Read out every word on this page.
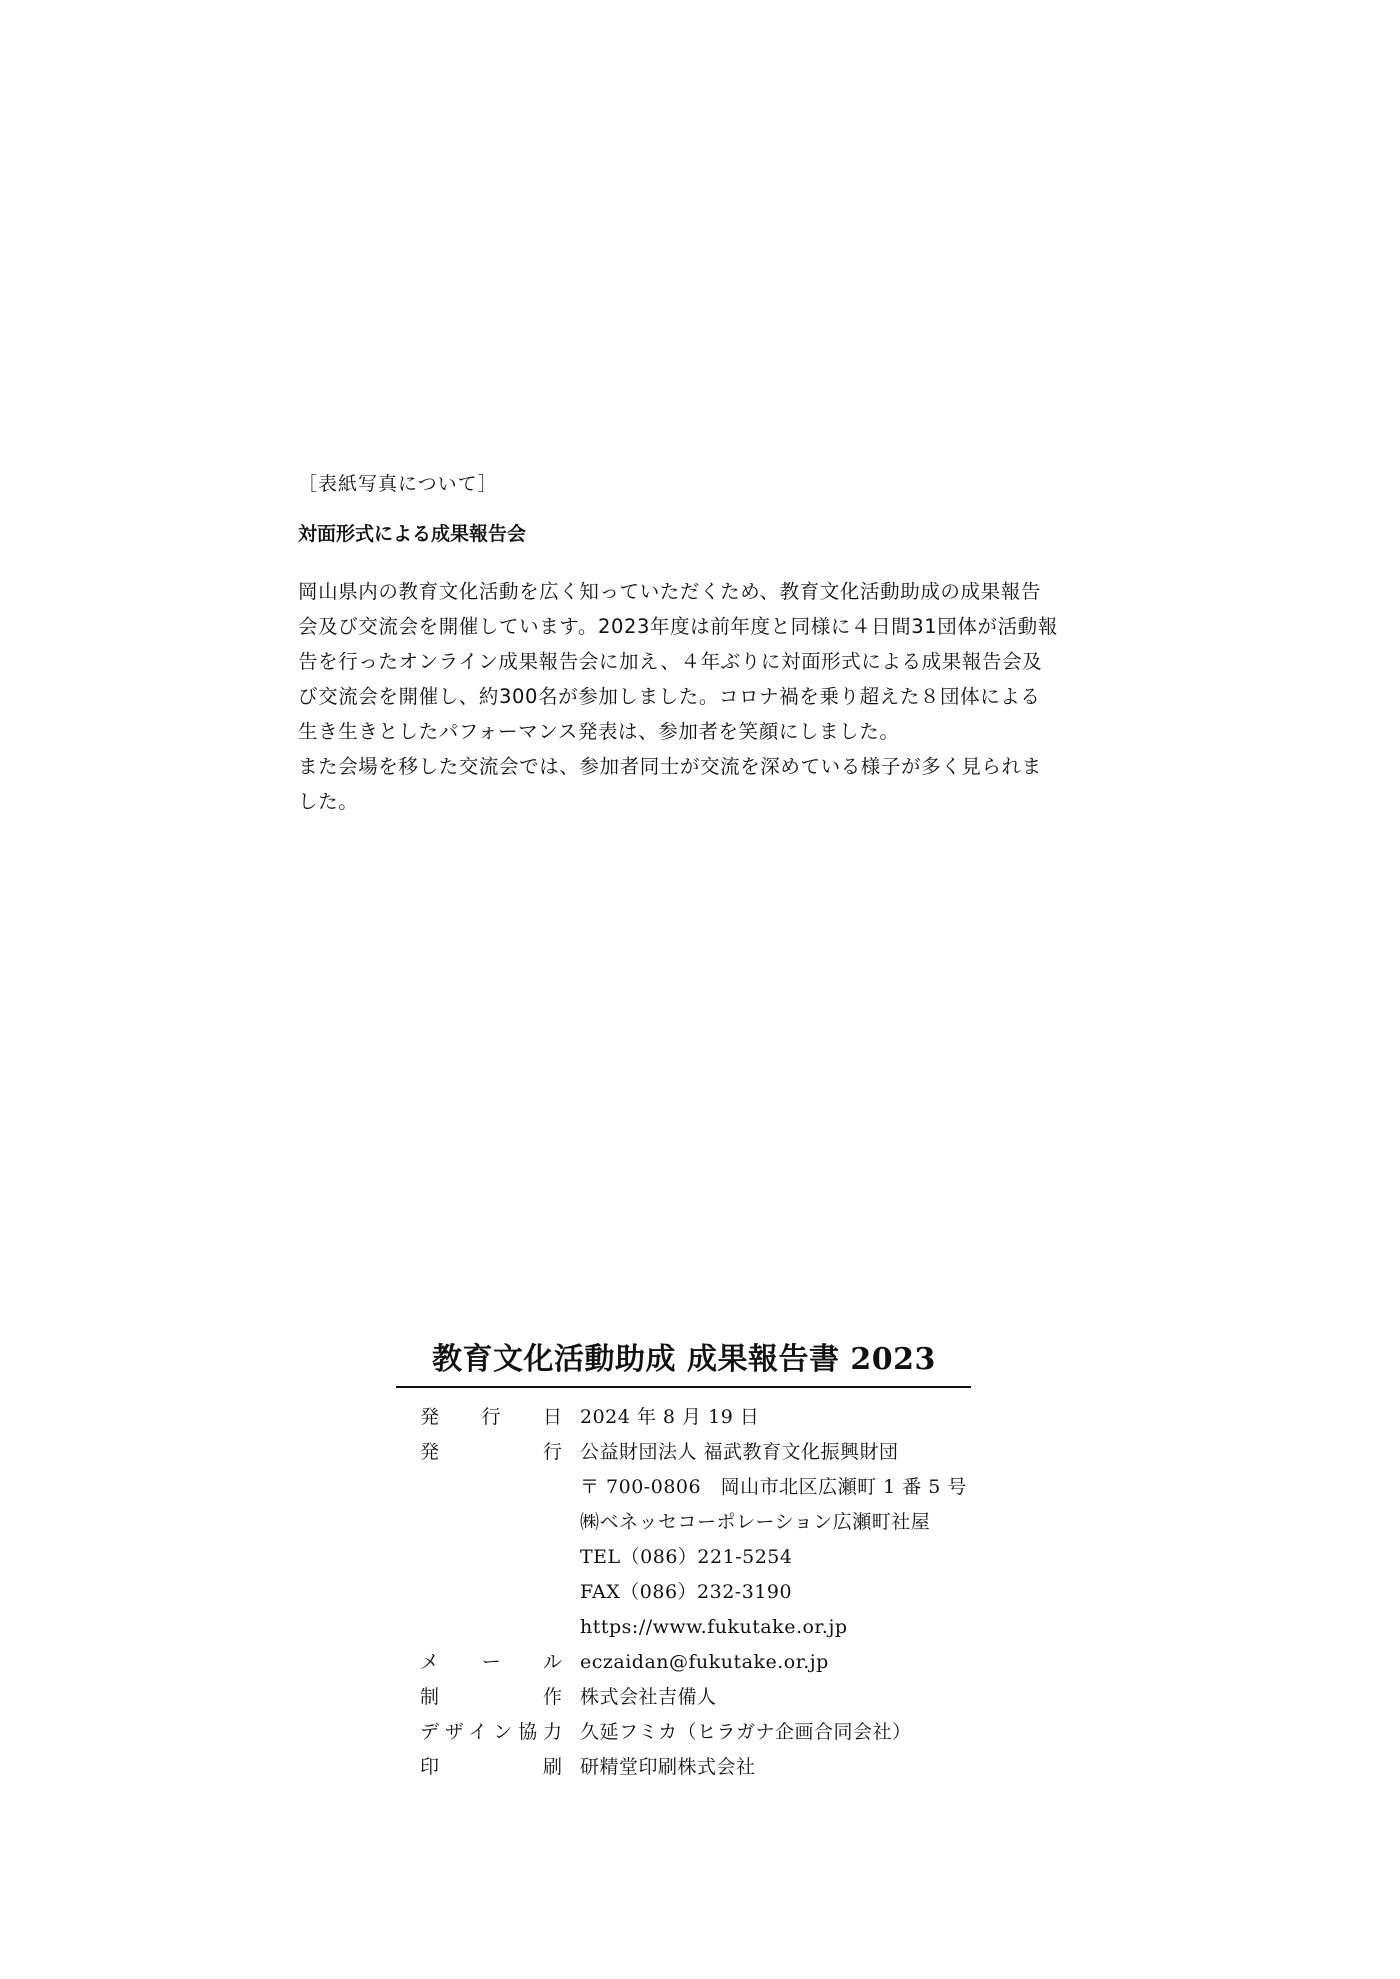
［表紙写真について］

対面形式による成果報告会

岡山県内の教育文化活動を広く知っていただくため、教育文化活動助成の成果報告
会及び交流会を開催しています。2023年度は前年度と同様に４日間31団体が活動報
告を行ったオンライン成果報告会に加え、４年ぶりに対面形式による成果報告会及
び交流会を開催し、約300名が参加しました。コロナ禍を乗り超えた８団体による
生き生きとしたパフォーマンス発表は、参加者を笑顔にしました。
また会場を移した交流会では、参加者同士が交流を深めている様子が多く見られま
した。

教育文化活動助成 成果報告書 2023
発行日	2024 年 8 月 19 日
発行	公益財団法人 福武教育文化振興財団
	〒 700-0806　岡山市北区広瀬町 1 番 5 号
	㈱ベネッセコーポレーション広瀬町社屋
	TEL（086）221-5254
	FAX（086）232-3190
	https://www.fukutake.or.jp
メール	eczaidan@fukutake.or.jp
制作	株式会社吉備人
デザイン協力	久延フミカ（ヒラガナ企画合同会社）
印刷	研精堂印刷株式会社
